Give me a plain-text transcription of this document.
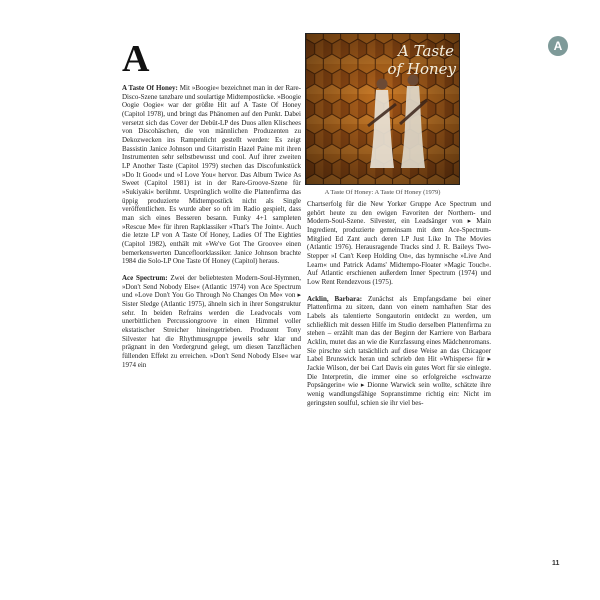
A	A

A Taste Of Honey: Mit »Boogie« bezeichnet man in der Rare-Disco-Szene tanzbare und soulartige Midtempostücke. »Boogie Oogie Oogie« war der größte Hit auf A Taste Of Honey (Capitol 1978), und bringt das Phänomen auf den Punkt. Dabei versetzt sich das Cover der Debüt-LP des Duos allen Klischees von Discohäschen, die von männlichen Produzenten zu Dekozwecken ins Rampenlicht gestellt werden: Es zeigt Bassistin Janice Johnson und Gitarristin Hazel Paine mit ihren Instrumenten sehr selbstbewusst und cool. Auf ihrer zweiten LP Another Taste (Capitol 1979) stechen das Discofunkstück »Do It Good« und »I Love You« hervor. Das Album Twice As Sweet (Capitol 1981) ist in der Rare-Groove-Szene für »Sukiyaki« berühmt. Ursprünglich wollte die Plattenfirma das üppig produzierte Midtempostück nicht als Single veröffentlichen. Es wurde aber so oft im Radio gespielt, dass man sich eines Besseren besann. Funky 4+1 sampleten »Rescue Me« für ihren Rapklassiker »That's The Joint«. Auch die letzte LP von A Taste Of Honey, Ladies Of The Eighties (Capitol 1982), enthält mit »We've Got The Groove« einen bemerkenswerten Dancefloorklassiker. Janice Johnson brachte 1984 die Solo-LP One Taste Of Honey (Capitol) heraus.

Ace Spectrum: Zwei der beliebtesten Modern-Soul-Hymnen, »Don't Send Nobody Else« (Atlantic 1974) von Ace Spectrum und »Love Don't You Go Through No Changes On Me« von ▸ Sister Sledge (Atlantic 1975), ähneln sich in ihrer Songstruktur sehr. In beiden Refrains werden die Leadvocals vom unerbittlichen Percussiongroove in einen Himmel voller ekstatischer Streicher hineingetrieben. Produzent Tony Silvester hat die Rhythmusgruppe jeweils sehr klar und prägnant in den Vordergrund gelegt, um diesen Tanzflächen füllenden Effekt zu erreichen. »Don't Send Nobody Else« war 1974 ein

A Taste
of Honey
A Taste Of Honey: A Taste Of Honey (1979)

Chartserfolg für die New Yorker Gruppe Ace Spectrum und gehört heute zu den ewigen Favoriten der Northern- und Modern-Soul-Szene. Silvester, ein Leadsänger von ▸ Main Ingredient, produzierte gemeinsam mit dem Ace-Spectrum-Mitglied Ed Zant auch deren LP Just Like In The Movies (Atlantic 1976). Herausragende Tracks sind J. R. Baileys Two-Stepper »I Can't Keep Holding On«, das hymnische »Live And Learn« und Patrick Adams' Midtempo-Floater »Magic Touch«. Auf Atlantic erschienen außerdem Inner Spectrum (1974) und Low Rent Rendezvous (1975).

Acklin, Barbara: Zunächst als Empfangsdame bei einer Plattenfirma zu sitzen, dann von einem namhaften Star des Labels als talentierte Songautorin entdeckt zu werden, um schließlich mit dessen Hilfe im Studio derselben Plattenfirma zu stehen – erzählt man das der Beginn der Karriere von Barbara Acklin, mutet das an wie die Kurzfassung eines Mädchenromans. Sie pirschte sich tatsächlich auf diese Weise an das Chicagoer Label Brunswick heran und schrieb den Hit »Whispers« für ▸ Jackie Wilson, der bei Carl Davis ein gutes Wort für sie einlegte. Die Interpretin, die immer eine so erfolgreiche »schwarze Popsängerin« wie ▸ Dionne Warwick sein wollte, schätzte ihre wenig wandlungsfähige Sopranstimme richtig ein: Nicht im geringsten soulful, schien sie ihr viel bes-

11
